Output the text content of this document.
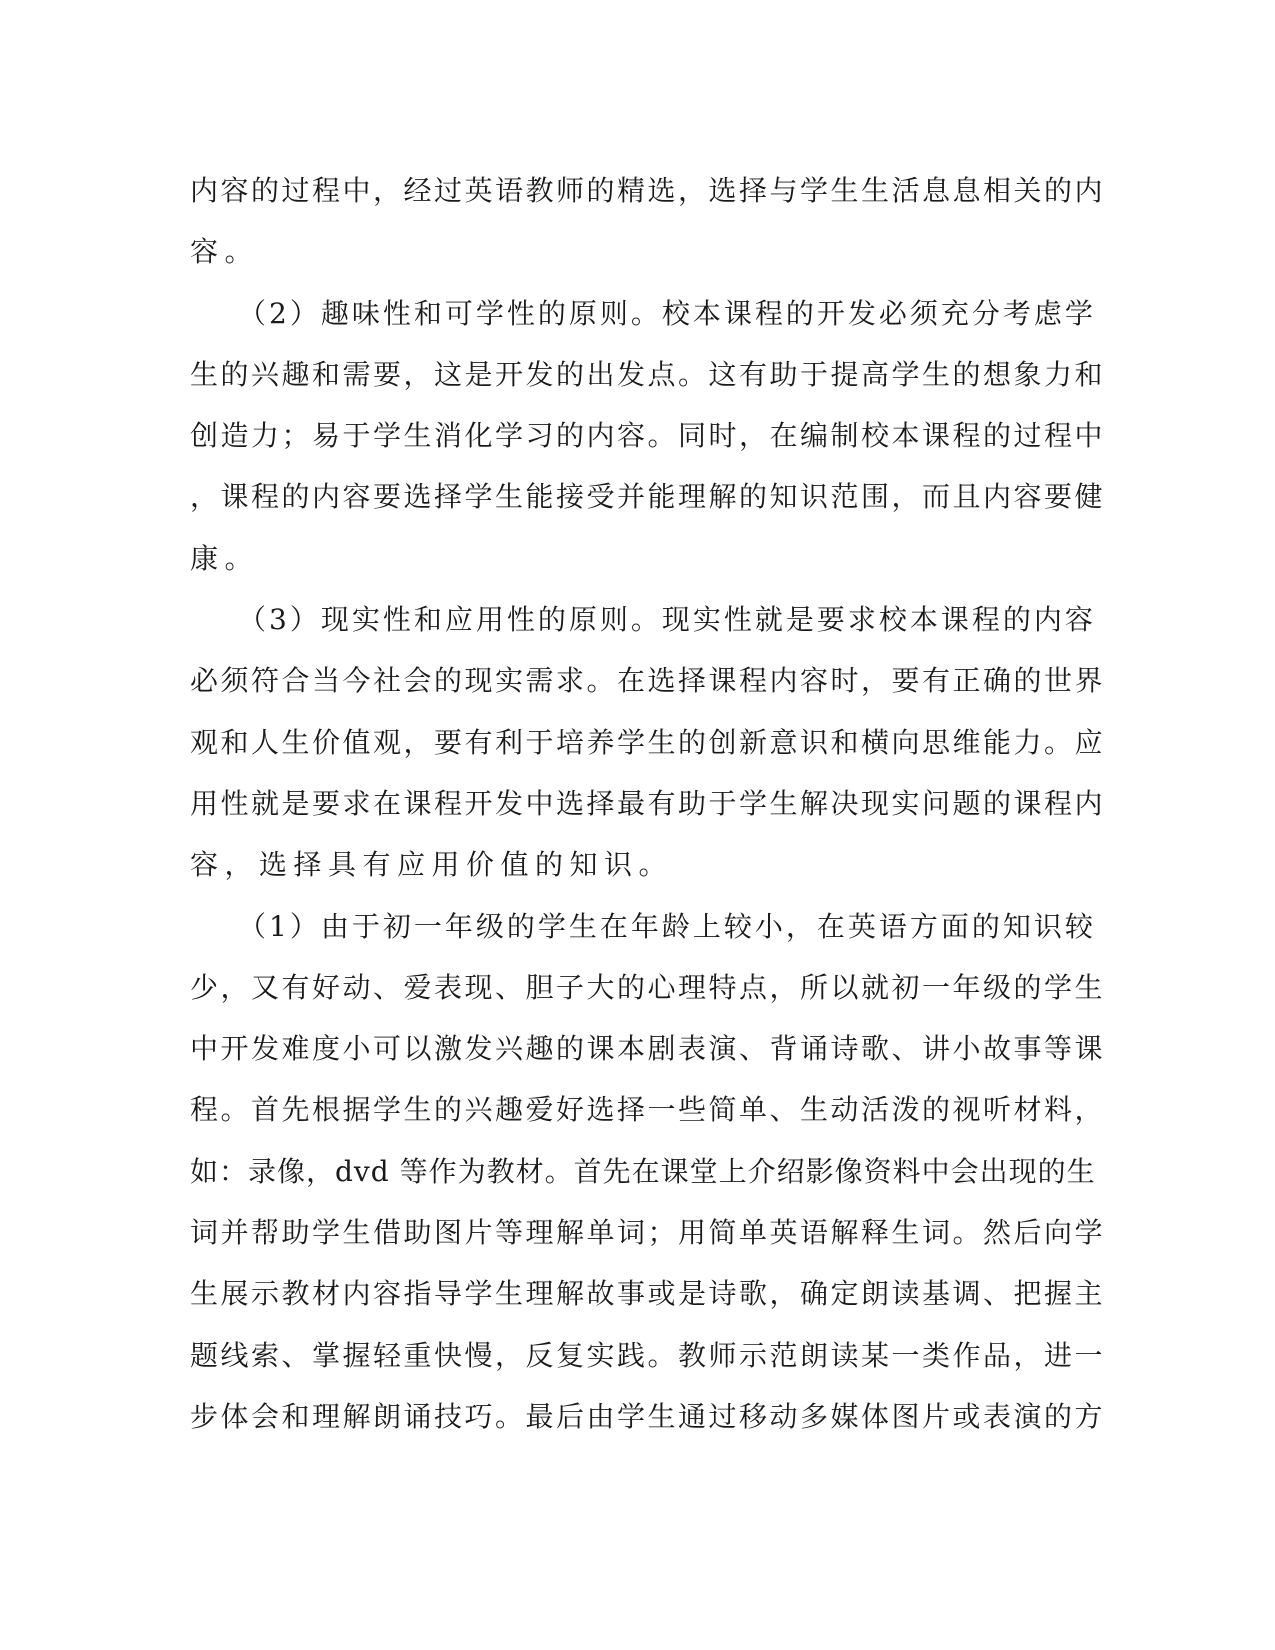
内容的过程中，经过英语教师的精选，选择与学生生活息息相关的内
容。
　　（2）趣味性和可学性的原则。校本课程的开发必须充分考虑学
生的兴趣和需要，这是开发的出发点。这有助于提高学生的想象力和
创造力；易于学生消化学习的内容。同时，在编制校本课程的过程中
，课程的内容要选择学生能接受并能理解的知识范围，而且内容要健
康。
　　（3）现实性和应用性的原则。现实性就是要求校本课程的内容
必须符合当今社会的现实需求。在选择课程内容时，要有正确的世界
观和人生价值观，要有利于培养学生的创新意识和横向思维能力。应
用性就是要求在课程开发中选择最有助于学生解决现实问题的课程内
容，选择具有应用价值的知识。
　　（1）由于初一年级的学生在年龄上较小，在英语方面的知识较
少，又有好动、爱表现、胆子大的心理特点，所以就初一年级的学生
中开发难度小可以激发兴趣的课本剧表演、背诵诗歌、讲小故事等课
程。首先根据学生的兴趣爱好选择一些简单、生动活泼的视听材料，
如：录像，dvd 等作为教材。首先在课堂上介绍影像资料中会出现的生
词并帮助学生借助图片等理解单词；用简单英语解释生词。然后向学
生展示教材内容指导学生理解故事或是诗歌，确定朗读基调、把握主
题线索、掌握轻重快慢，反复实践。教师示范朗读某一类作品，进一
步体会和理解朗诵技巧。最后由学生通过移动多媒体图片或表演的方
